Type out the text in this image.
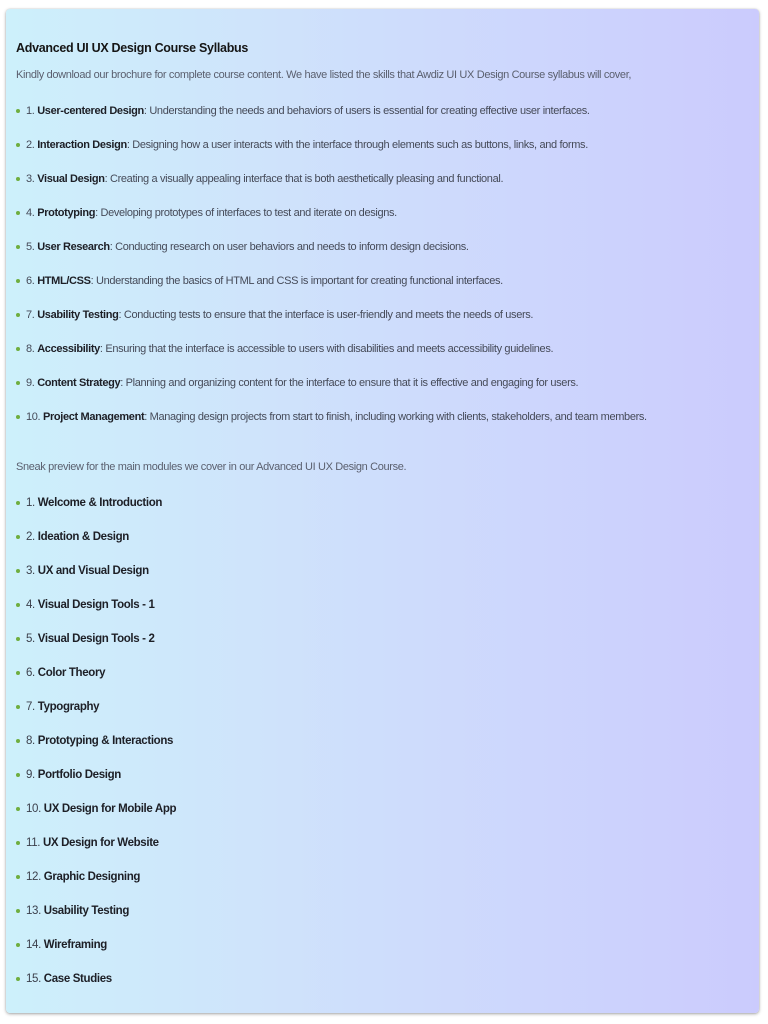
Advanced UI UX Design Course Syllabus
Kindly download our brochure for complete course content. We have listed the skills that Awdiz UI UX Design Course syllabus will cover,
1. User-centered Design: Understanding the needs and behaviors of users is essential for creating effective user interfaces.
2. Interaction Design: Designing how a user interacts with the interface through elements such as buttons, links, and forms.
3. Visual Design: Creating a visually appealing interface that is both aesthetically pleasing and functional.
4. Prototyping: Developing prototypes of interfaces to test and iterate on designs.
5. User Research: Conducting research on user behaviors and needs to inform design decisions.
6. HTML/CSS: Understanding the basics of HTML and CSS is important for creating functional interfaces.
7. Usability Testing: Conducting tests to ensure that the interface is user-friendly and meets the needs of users.
8. Accessibility: Ensuring that the interface is accessible to users with disabilities and meets accessibility guidelines.
9. Content Strategy: Planning and organizing content for the interface to ensure that it is effective and engaging for users.
10. Project Management: Managing design projects from start to finish, including working with clients, stakeholders, and team members.
Sneak preview for the main modules we cover in our Advanced UI UX Design Course.
1. Welcome & Introduction
2. Ideation & Design
3. UX and Visual Design
4. Visual Design Tools - 1
5. Visual Design Tools - 2
6. Color Theory
7. Typography
8. Prototyping & Interactions
9. Portfolio Design
10. UX Design for Mobile App
11. UX Design for Website
12. Graphic Designing
13. Usability Testing
14. Wireframing
15. Case Studies
